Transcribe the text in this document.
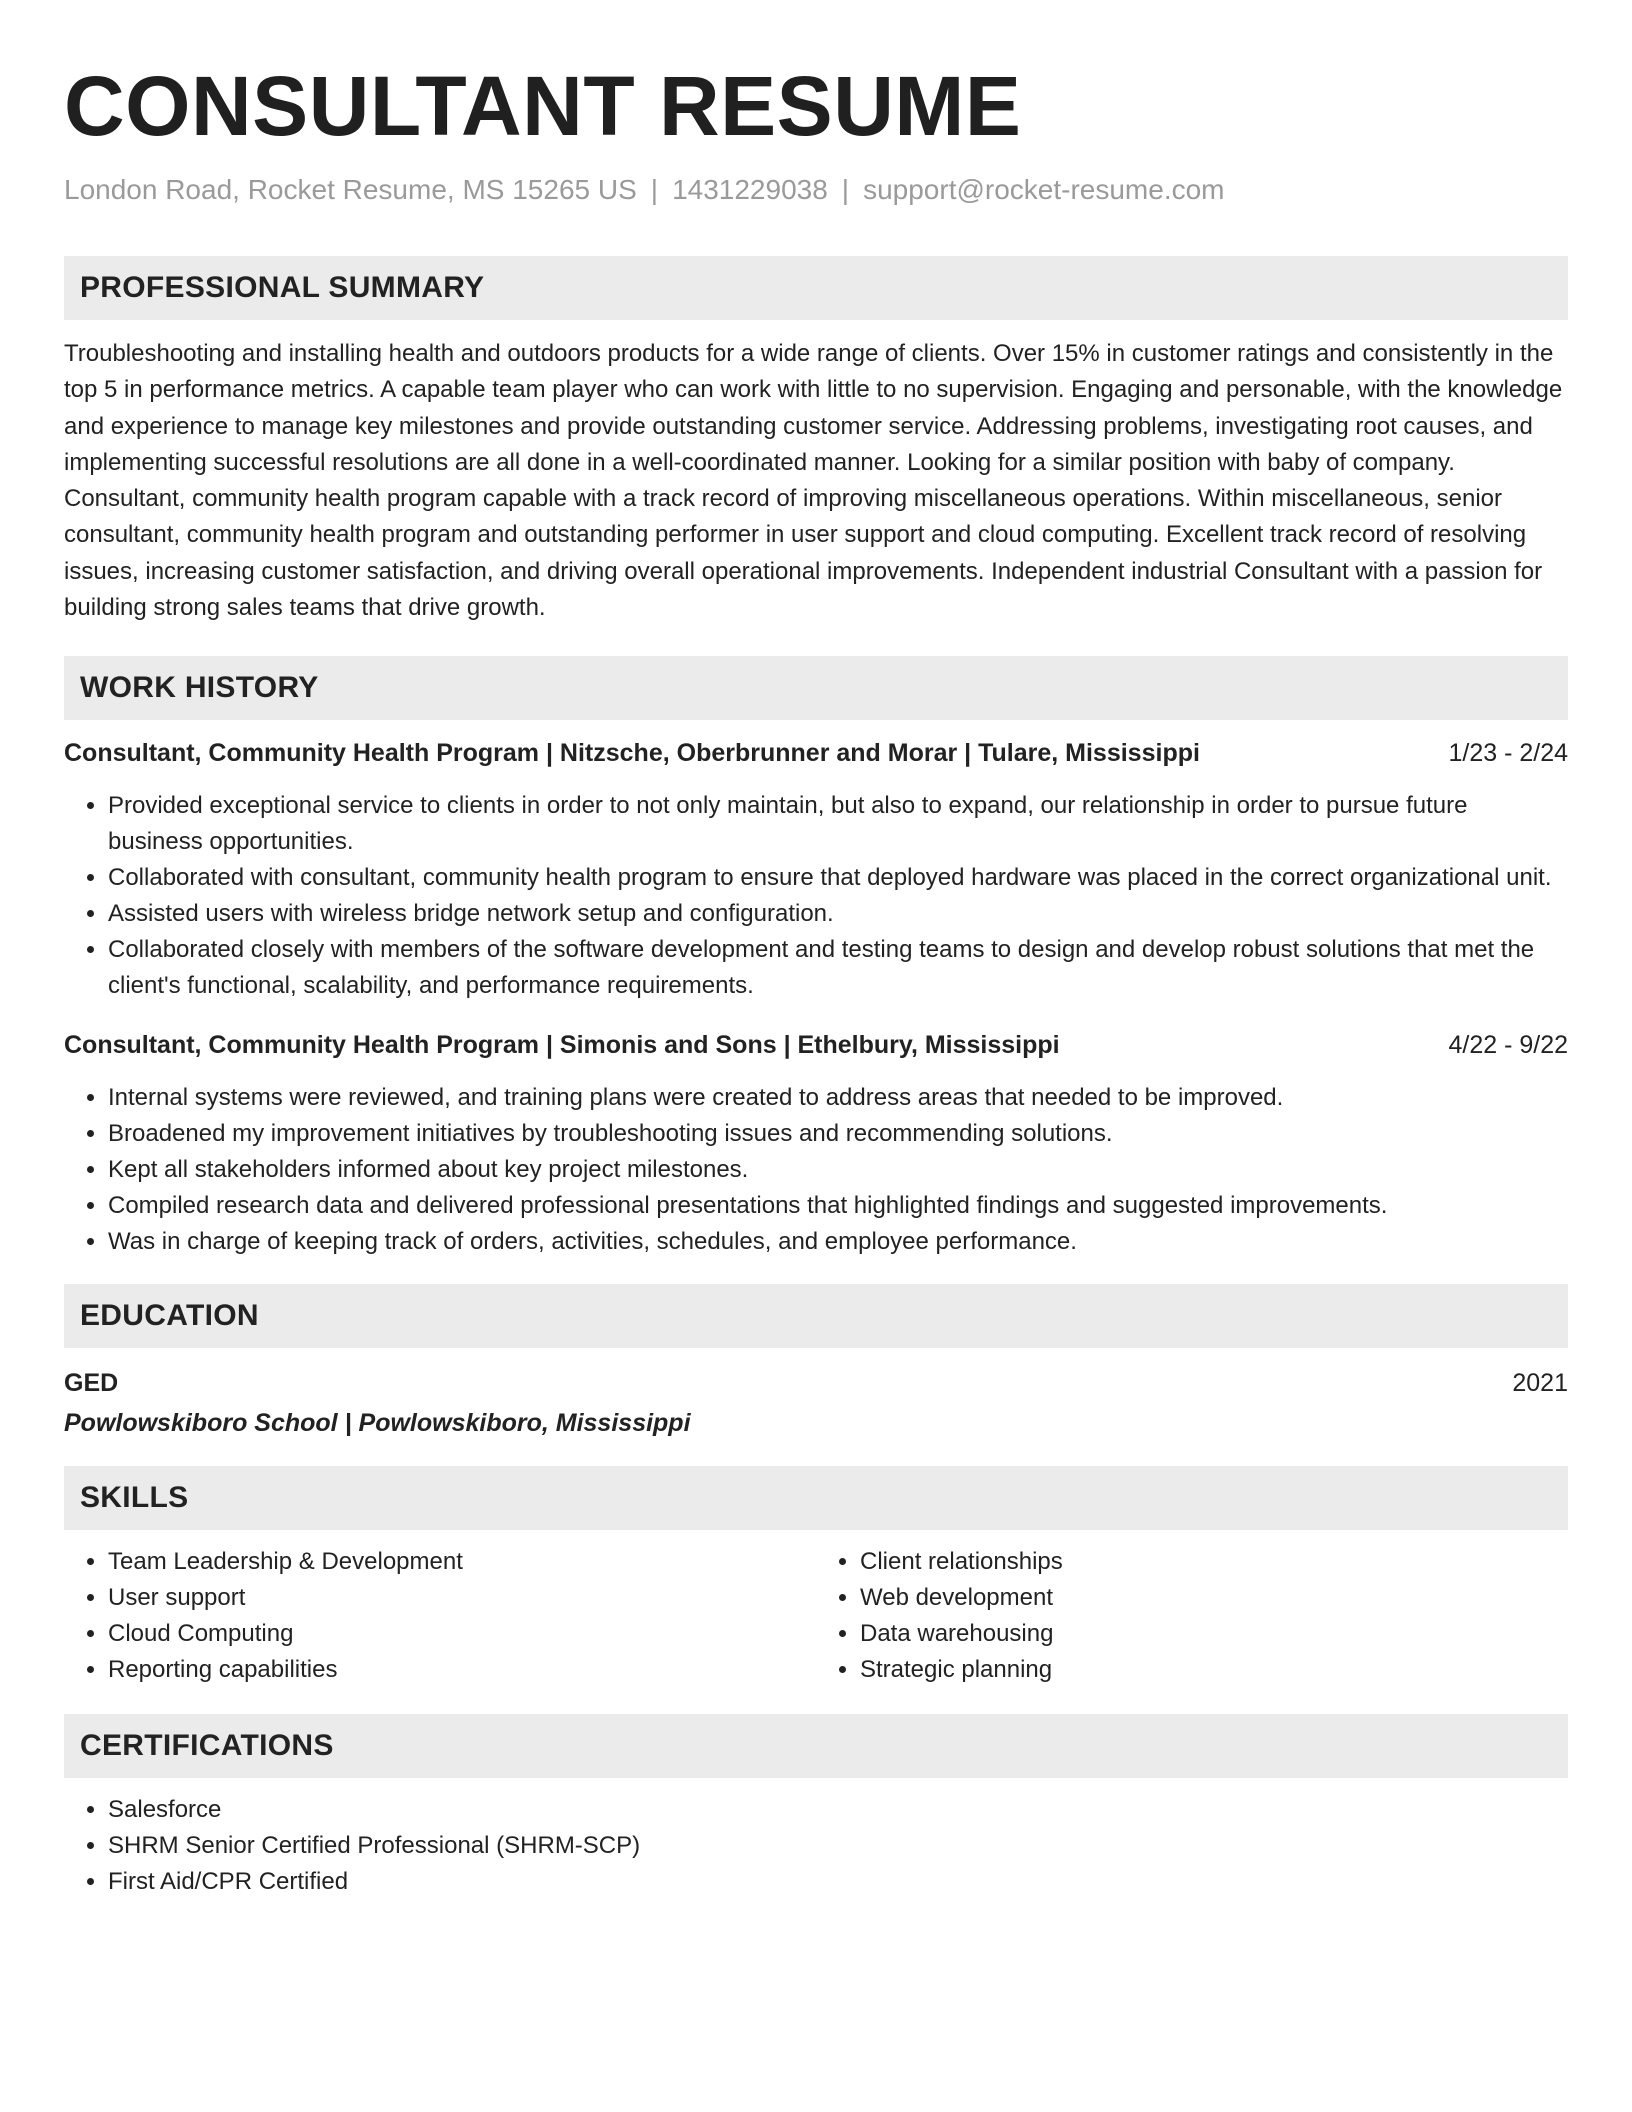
CONSULTANT RESUME
London Road, Rocket Resume, MS 15265 US | 1431229038 | support@rocket-resume.com
PROFESSIONAL SUMMARY

Troubleshooting and installing health and outdoors products for a wide range of clients. Over 15% in customer ratings and consistently in the top 5 in performance metrics. A capable team player who can work with little to no supervision. Engaging and personable, with the knowledge and experience to manage key milestones and provide outstanding customer service. Addressing problems, investigating root causes, and implementing successful resolutions are all done in a well-coordinated manner. Looking for a similar position with baby of company. Consultant, community health program capable with a track record of improving miscellaneous operations. Within miscellaneous, senior consultant, community health program and outstanding performer in user support and cloud computing. Excellent track record of resolving issues, increasing customer satisfaction, and driving overall operational improvements. Independent industrial Consultant with a passion for building strong sales teams that drive growth.

WORK HISTORY
Consultant, Community Health Program | Nitzsche, Oberbrunner and Morar | Tulare, Mississippi	1/23 - 2/24
• Provided exceptional service to clients in order to not only maintain, but also to expand, our relationship in order to pursue future business opportunities.
• Collaborated with consultant, community health program to ensure that deployed hardware was placed in the correct organizational unit.
• Assisted users with wireless bridge network setup and configuration.
• Collaborated closely with members of the software development and testing teams to design and develop robust solutions that met the client's functional, scalability, and performance requirements.
Consultant, Community Health Program | Simonis and Sons | Ethelbury, Mississippi	4/22 - 9/22
• Internal systems were reviewed, and training plans were created to address areas that needed to be improved.
• Broadened my improvement initiatives by troubleshooting issues and recommending solutions.
• Kept all stakeholders informed about key project milestones.
• Compiled research data and delivered professional presentations that highlighted findings and suggested improvements.
• Was in charge of keeping track of orders, activities, schedules, and employee performance.
EDUCATION
GED	2021
Powlowskiboro School | Powlowskiboro, Mississippi
SKILLS
• Team Leadership & Development
• User support
• Cloud Computing
• Reporting capabilities
• Client relationships
• Web development
• Data warehousing
• Strategic planning
CERTIFICATIONS
• Salesforce
• SHRM Senior Certified Professional (SHRM-SCP)
• First Aid/CPR Certified
